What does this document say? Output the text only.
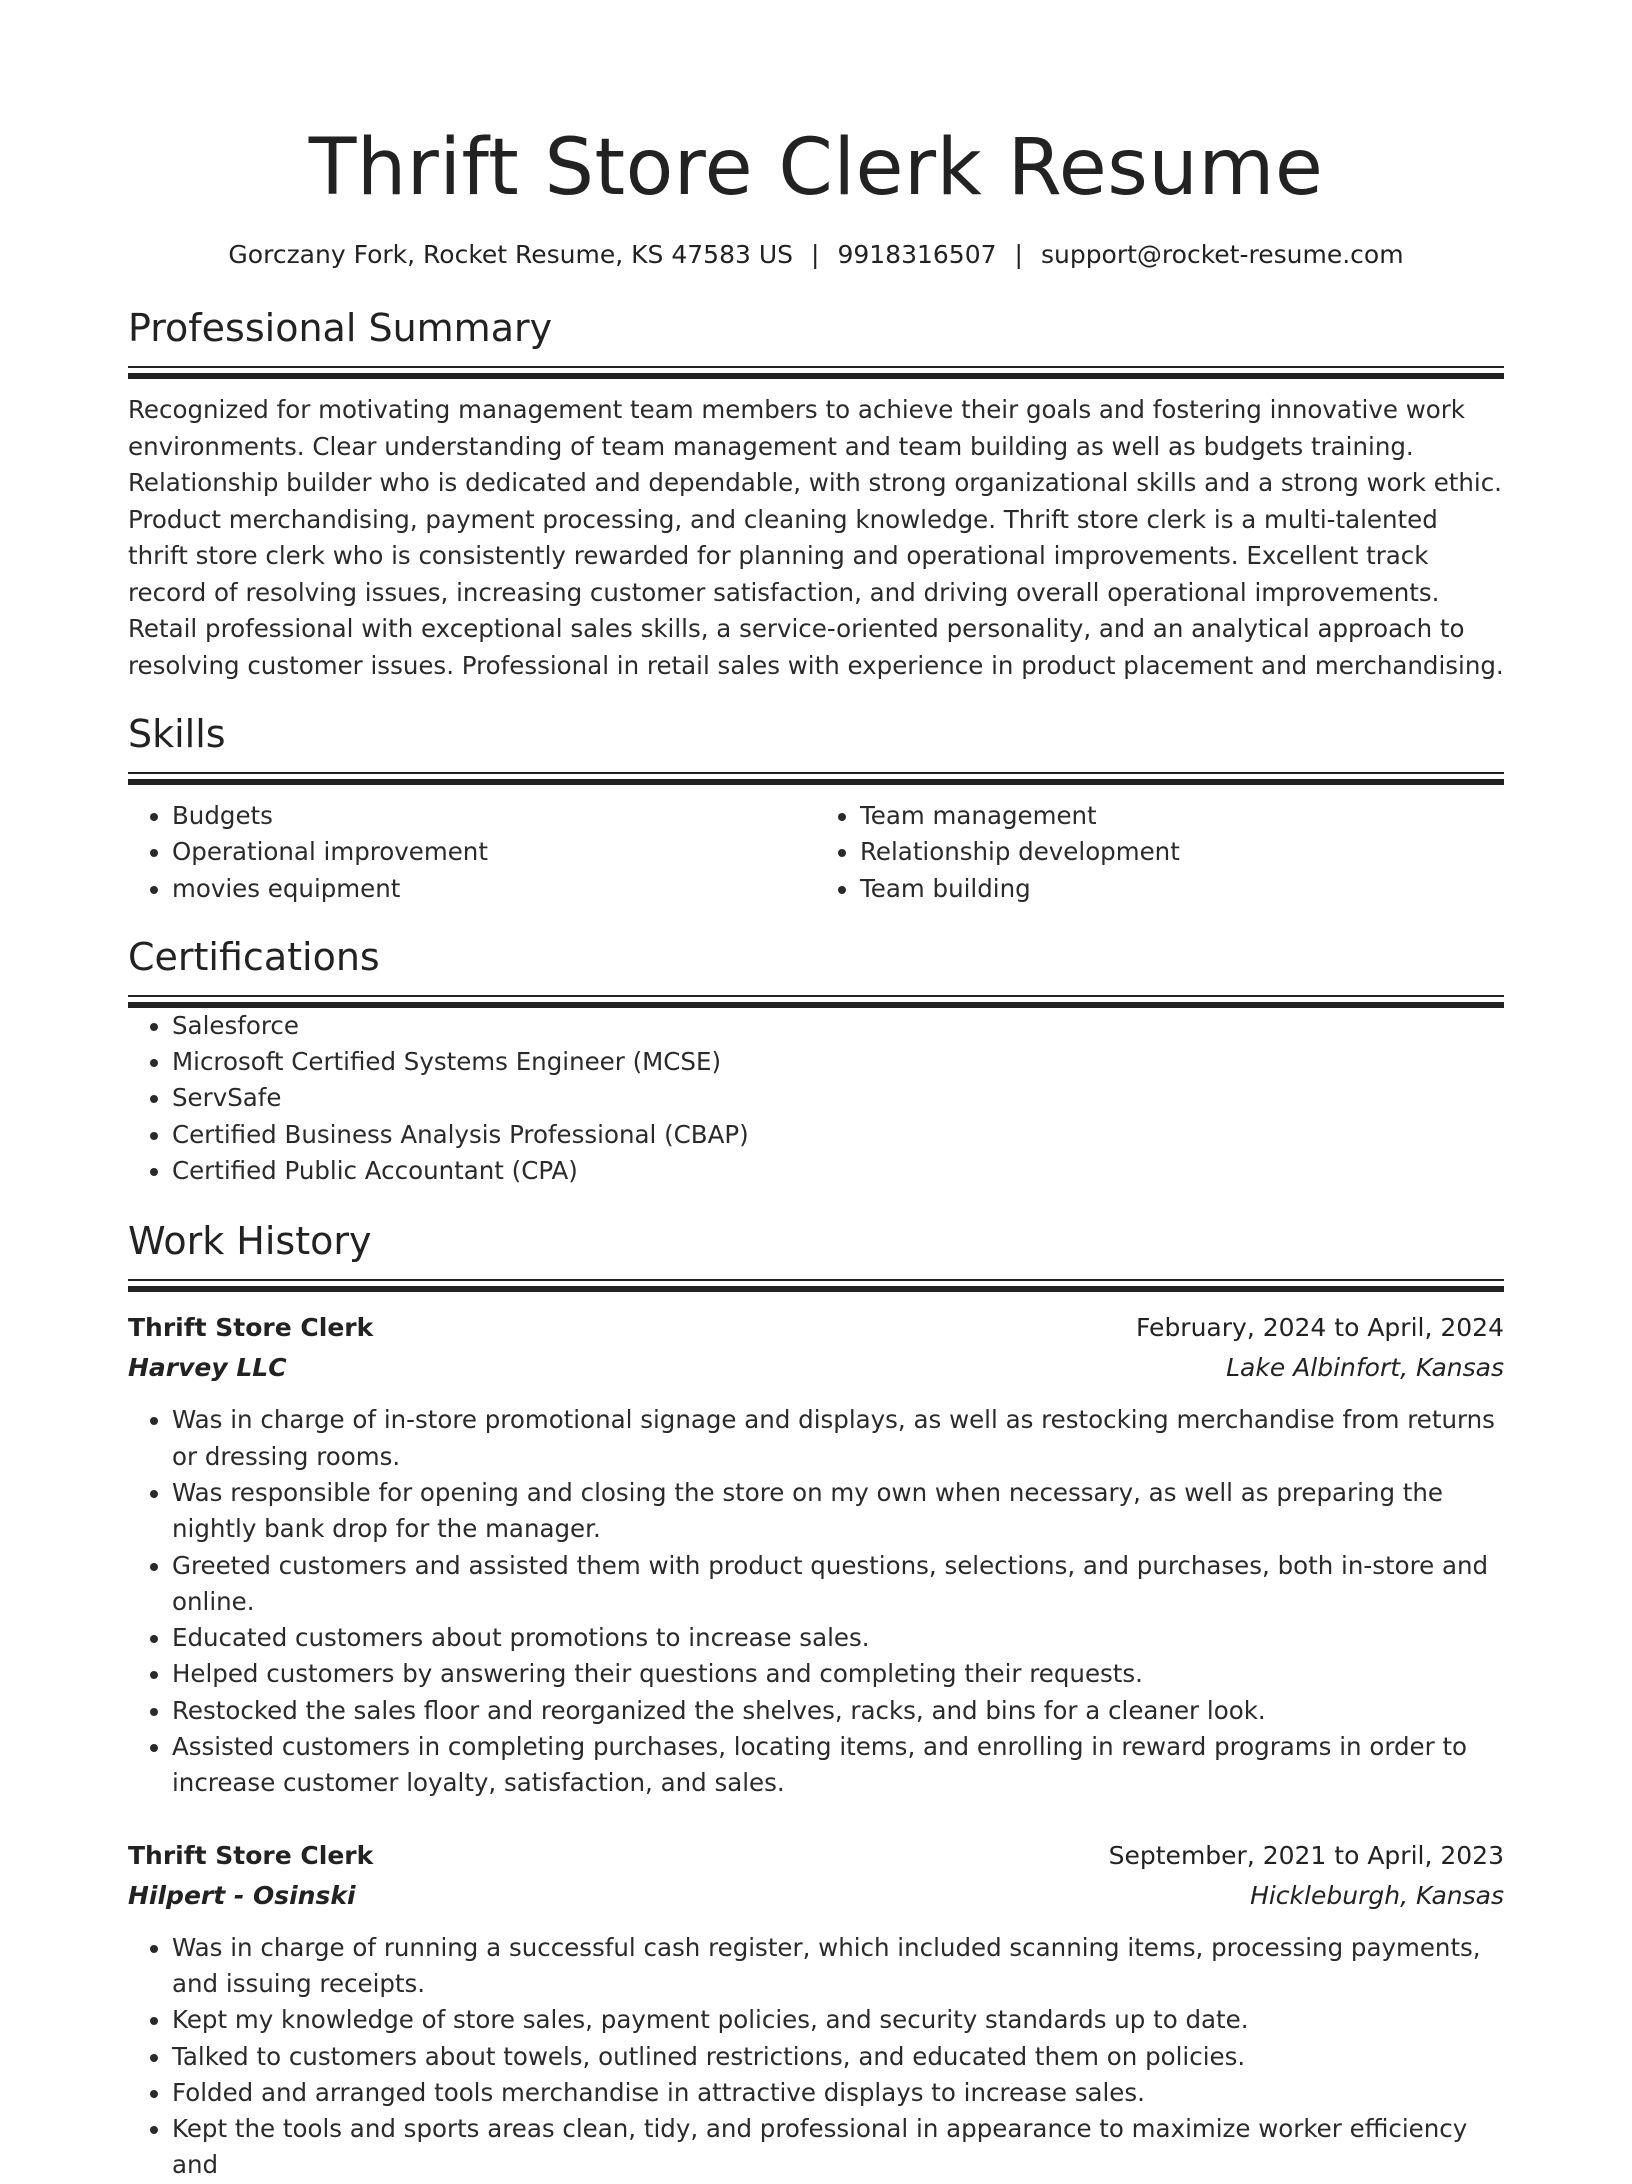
Thrift Store Clerk Resume
Gorczany Fork, Rocket Resume, KS 47583 US | 9918316507 | support@rocket-resume.com
Professional Summary

Recognized for motivating management team members to achieve their goals and fostering innovative work environments. Clear understanding of team management and team building as well as budgets training. Relationship builder who is dedicated and dependable, with strong organizational skills and a strong work ethic. Product merchandising, payment processing, and cleaning knowledge. Thrift store clerk is a multi-talented thrift store clerk who is consistently rewarded for planning and operational improvements. Excellent track record of resolving issues, increasing customer satisfaction, and driving overall operational improvements. Retail professional with exceptional sales skills, a service-oriented personality, and an analytical approach to resolving customer issues. Professional in retail sales with experience in product placement and merchandising.

Skills
• Budgets
• Operational improvement
• movies equipment
• Team management
• Relationship development
• Team building
Certifications
• Salesforce
• Microsoft Certified Systems Engineer (MCSE)
• ServSafe
• Certified Business Analysis Professional (CBAP)
• Certified Public Accountant (CPA)
Work History
Thrift Store Clerk	February, 2024 to April, 2024
Harvey LLC	Lake Albinfort, Kansas
• Was in charge of in-store promotional signage and displays, as well as restocking merchandise from returns or dressing rooms.
• Was responsible for opening and closing the store on my own when necessary, as well as preparing the nightly bank drop for the manager.
• Greeted customers and assisted them with product questions, selections, and purchases, both in-store and online.
• Educated customers about promotions to increase sales.
• Helped customers by answering their questions and completing their requests.
• Restocked the sales floor and reorganized the shelves, racks, and bins for a cleaner look.
• Assisted customers in completing purchases, locating items, and enrolling in reward programs in order to increase customer loyalty, satisfaction, and sales.
Thrift Store Clerk	September, 2021 to April, 2023
Hilpert - Osinski	Hickleburgh, Kansas
• Was in charge of running a successful cash register, which included scanning items, processing payments, and issuing receipts.
• Kept my knowledge of store sales, payment policies, and security standards up to date.
• Talked to customers about towels, outlined restrictions, and educated them on policies.
• Folded and arranged tools merchandise in attractive displays to increase sales.
• Kept the tools and sports areas clean, tidy, and professional in appearance to maximize worker efficiency and
